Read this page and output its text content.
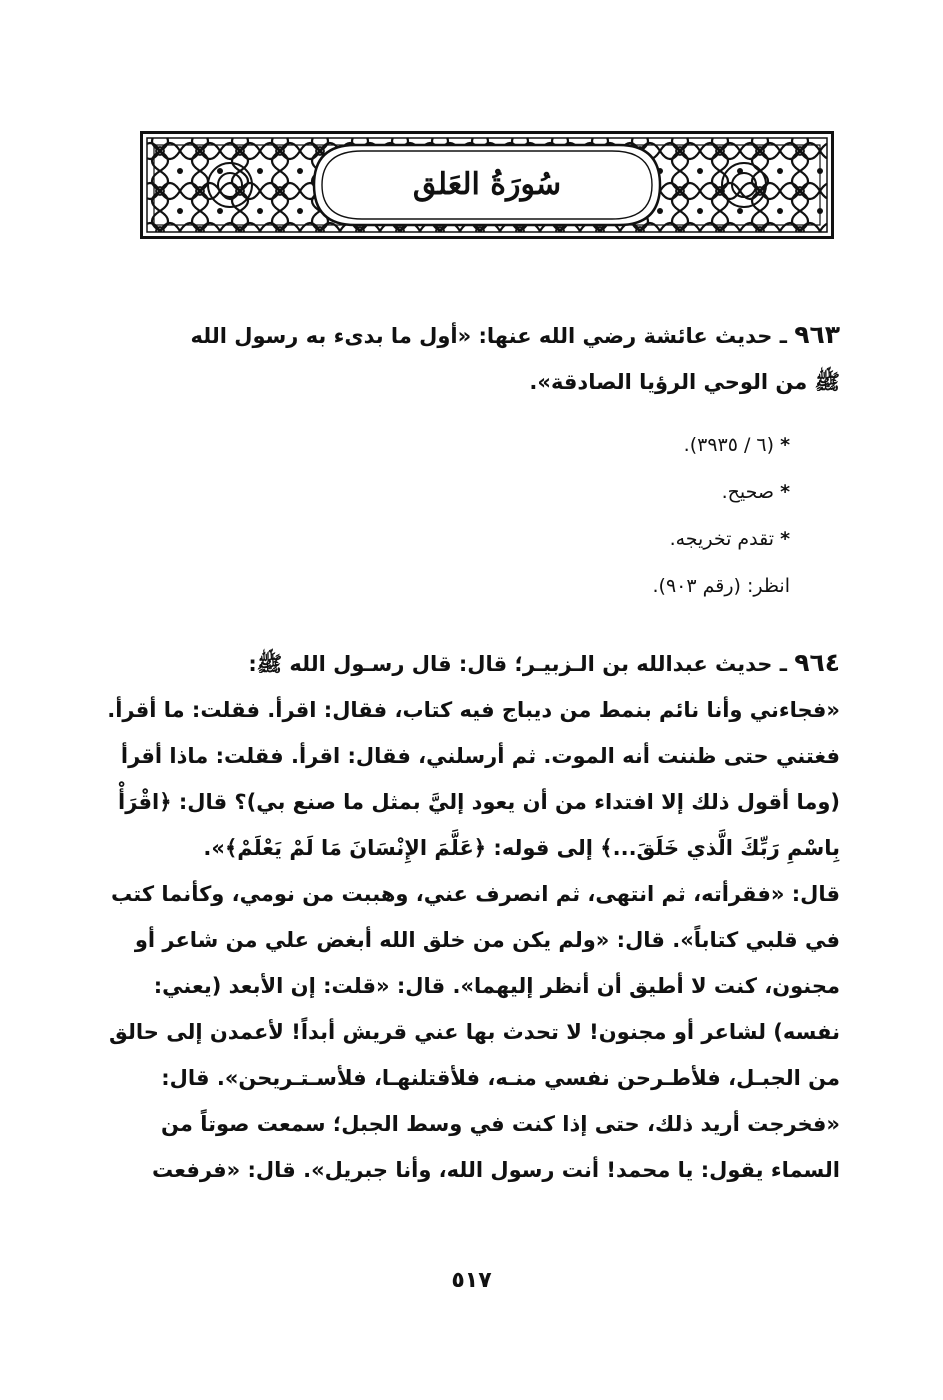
سُورَةُ العَلق
٩٦٣ ـ حديث عائشة رضي الله عنها: «أول ما بدىء به رسول الله
ﷺ من الوحي الرؤيا الصادقة».
*(٦ / ٣٩٣٥).
*صحيح.
*تقدم تخريجه.
انظر: (رقم ٩٠٣).
٩٦٤ ـ حديث عبدالله بن الـزبيـر؛ قال: قال رسـول الله ﷺ:
«فجاءني وأنا نائم بنمط من ديباج فيه كتاب، فقال: اقرأ. فقلت: ما أقرأ.
فغتني حتى ظننت أنه الموت. ثم أرسلني، فقال: اقرأ. فقلت: ماذا أقرأ
(وما أقول ذلك إلا افتداء من أن يعود إليَّ بمثل ما صنع بي)؟ قال: ﴿اقْرَأْ
بِاسْمِ رَبِّكَ الَّذي خَلَقَ...﴾ إلى قوله: ﴿عَلَّمَ الإِنْسَانَ مَا لَمْ يَعْلَمْ﴾».
قال: «فقرأته، ثم انتهى، ثم انصرف عني، وهببت من نومي، وكأنما كتب
في قلبي كتاباً». قال: «ولم يكن من خلق الله أبغض علي من شاعر أو
مجنون، كنت لا أطيق أن أنظر إليهما». قال: «قلت: إن الأبعد (يعني:
نفسه) لشاعر أو مجنون! لا تحدث بها عني قريش أبداً! لأعمدن إلى حالق
من الجبـل، فلأطـرحن نفسي منـه، فلأقتلنهـا، فلأسـتـريحن». قال:
«فخرجت أريد ذلك، حتى إذا كنت في وسط الجبل؛ سمعت صوتاً من
السماء يقول: يا محمد! أنت رسول الله، وأنا جبريل». قال: «فرفعت
٥١٧
